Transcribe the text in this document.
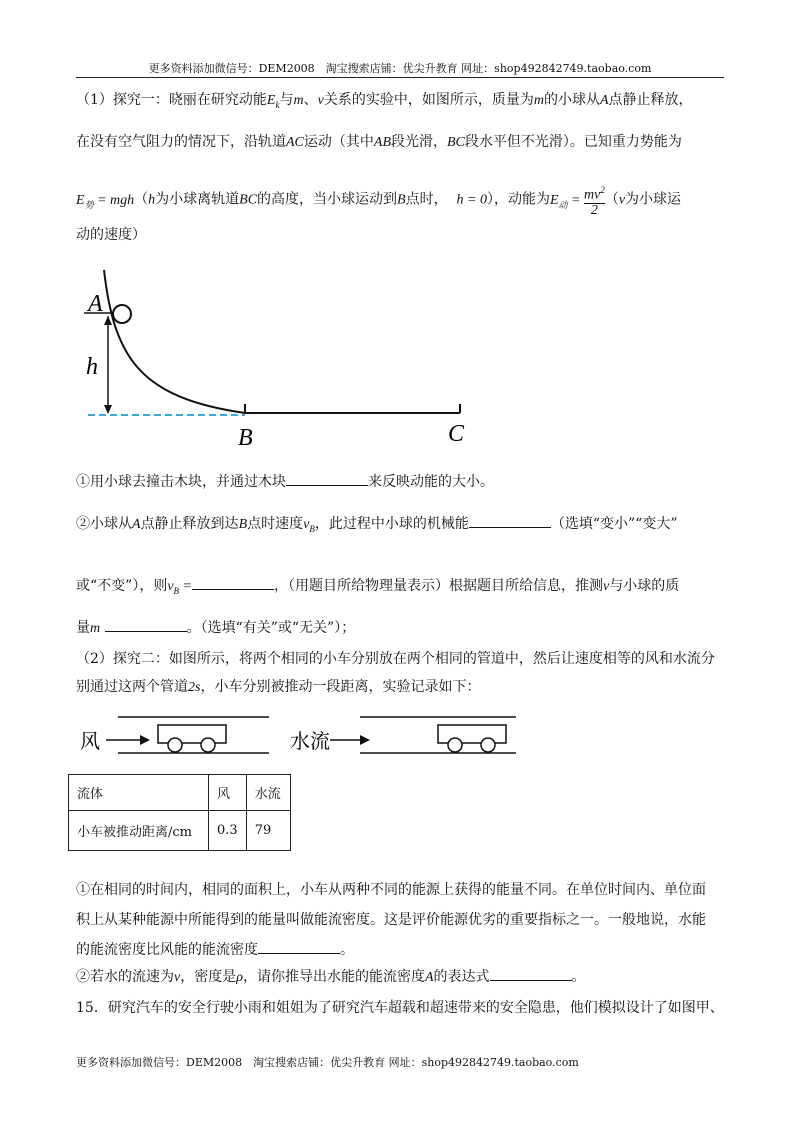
更多资料添加微信号：DEM2008　淘宝搜索店铺：优尖升教育 网址：shop492842749.taobao.com
（1）探究一：晓丽在研究动能$E_k$与m、v关系的实验中，如图所示，质量为m的小球从A点静止释放，
在没有空气阻力的情况下，沿轨道AC运动（其中AB段光滑，BC段水平但不光滑）。已知重力势能为
$E_势 = mgh(h$为小球离轨道BC的高度，当小球运动到B点时， h = 0），动能为$E_动 = \frac{mv^2}{2} (v$为小球运
动的速度）
A
h
B	C
①用小球去撞击木块，并通过木块	来反映动能的大小。
②小球从A点静止释放到达B点时速度$v_B$，此过程中小球的机械能	（选填“变小”“变大”
或“不变”），则$v_B$ =	，（用题目所给物理量表示）根据题目所给信息，推测v与小球的质
量m	。（选填“有关”或“无关”）；
（2）探究二：如图所示，将两个相同的小车分别放在两个相同的管道中，然后让速度相等的风和水流分
别通过这两个管道2s，小车分别被推动一段距离，实验记录如下：
风	水流
流体	风	水流
小车被推动距离/cm	0.3	79
①在相同的时间内，相同的面积上，小车从两种不同的能源上获得的能量不同。在单位时间内、单位面
积上从某种能源中所能得到的能量叫做能流密度。这是评价能源优劣的重要指标之一。一般地说，水能
的能流密度比风能的能流密度	。
②若水的流速为v，密度是ρ，请你推导出水能的能流密度A的表达式	。
15．研究汽车的安全行驶小雨和姐姐为了研究汽车超载和超速带来的安全隐患，他们模拟设计了如图甲、
更多资料添加微信号：DEM2008　淘宝搜索店铺：优尖升教育 网址：shop492842749.taobao.com
